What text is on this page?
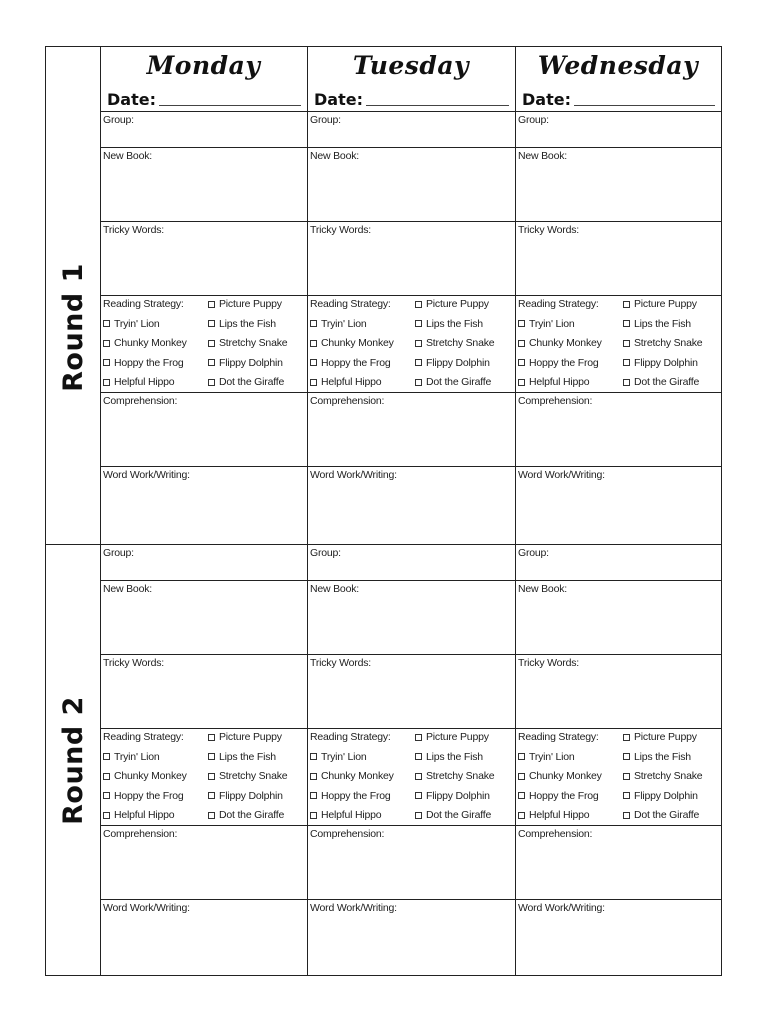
Monday
Date:
Tuesday
Date:
Wednesday
Date:
Round 1
Group:
New Book:
Tricky Words:
Reading Strategy:
Comprehension:
Word Work/Writing:
Tryin' Lion
Chunky Monkey
Hoppy the Frog
Helpful Hippo
Picture Puppy
Lips the Fish
Stretchy Snake
Flippy Dolphin
Dot the Giraffe
Group:
New Book:
Tricky Words:
Reading Strategy:
Comprehension:
Word Work/Writing:
Tryin' Lion
Chunky Monkey
Hoppy the Frog
Helpful Hippo
Picture Puppy
Lips the Fish
Stretchy Snake
Flippy Dolphin
Dot the Giraffe
Group:
New Book:
Tricky Words:
Reading Strategy:
Comprehension:
Word Work/Writing:
Tryin' Lion
Chunky Monkey
Hoppy the Frog
Helpful Hippo
Picture Puppy
Lips the Fish
Stretchy Snake
Flippy Dolphin
Dot the Giraffe
Round 2
Group:
New Book:
Tricky Words:
Reading Strategy:
Comprehension:
Word Work/Writing:
Tryin' Lion
Chunky Monkey
Hoppy the Frog
Helpful Hippo
Picture Puppy
Lips the Fish
Stretchy Snake
Flippy Dolphin
Dot the Giraffe
Group:
New Book:
Tricky Words:
Reading Strategy:
Comprehension:
Word Work/Writing:
Tryin' Lion
Chunky Monkey
Hoppy the Frog
Helpful Hippo
Picture Puppy
Lips the Fish
Stretchy Snake
Flippy Dolphin
Dot the Giraffe
Group:
New Book:
Tricky Words:
Reading Strategy:
Comprehension:
Word Work/Writing:
Tryin' Lion
Chunky Monkey
Hoppy the Frog
Helpful Hippo
Picture Puppy
Lips the Fish
Stretchy Snake
Flippy Dolphin
Dot the Giraffe
